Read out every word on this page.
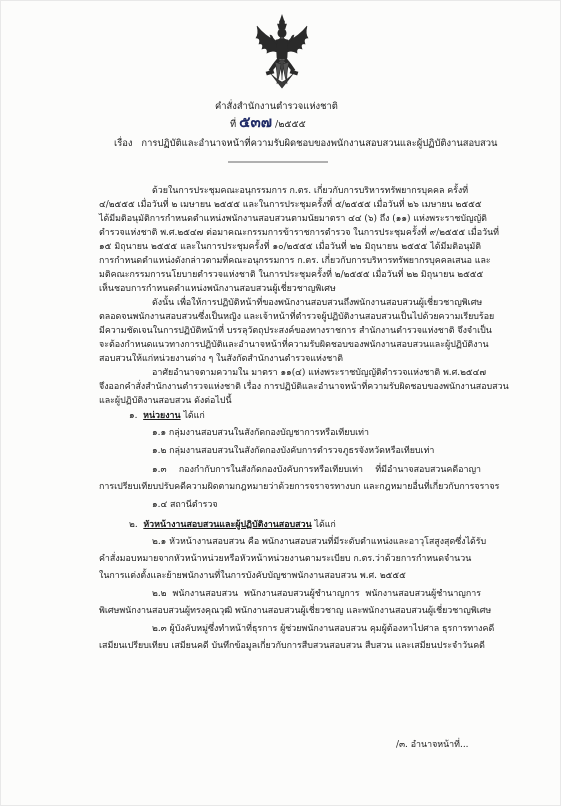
คำสั่งสำนักงานตำรวจแห่งชาติ
ที่ ๕๓๗ /๒๕๕๕
เรื่อง การปฏิบัติและอำนาจหน้าที่ความรับผิดชอบของพนักงานสอบสวนและผู้ปฏิบัติงานสอบสวน
ด้วยในการประชุมคณะอนุกรรมการ ก.ตร. เกี่ยวกับการบริหารทรัพยากรบุคคล ครั้งที่
๔/๒๕๕๕ เมื่อวันที่ ๒ เมษายน ๒๕๕๕ และในการประชุมครั้งที่ ๕/๒๕๕๕ เมื่อวันที่ ๒๖ เมษายน ๒๕๕๕
ได้มีมติอนุมัติการกำหนดตำแหน่งพนักงานสอบสวนตามนัยมาตรา ๔๔ (๖) ถึง (๑๑) แห่งพระราชบัญญัติ
ตำรวจแห่งชาติ พ.ศ.๒๕๔๗ ต่อมาคณะกรรมการข้าราชการตำรวจ ในการประชุมครั้งที่ ๙/๒๕๕๕ เมื่อวันที่
๑๕ มิถุนายน ๒๕๕๕ และในการประชุมครั้งที่ ๑๐/๒๕๕๕ เมื่อวันที่ ๒๒ มิถุนายน ๒๕๕๕ ได้มีมติอนุมัติ
การกำหนดตำแหน่งดังกล่าวตามที่คณะอนุกรรมการ ก.ตร. เกี่ยวกับการบริหารทรัพยากรบุคคลเสนอ และ
มติคณะกรรมการนโยบายตำรวจแห่งชาติ ในการประชุมครั้งที่ ๒/๒๕๕๕ เมื่อวันที่ ๒๒ มิถุนายน ๒๕๕๕
เห็นชอบการกำหนดตำแหน่งพนักงานสอบสวนผู้เชี่ยวชาญพิเศษ
ดังนั้น เพื่อให้การปฏิบัติหน้าที่ของพนักงานสอบสวนถึงพนักงานสอบสวนผู้เชี่ยวชาญพิเศษ
ตลอดจนพนักงานสอบสวนซึ่งเป็นหญิง และเจ้าหน้าที่ตำรวจผู้ปฏิบัติงานสอบสวนเป็นไปด้วยความเรียบร้อย
มีความชัดเจนในการปฏิบัติหน้าที่ บรรลุวัตถุประสงค์ของทางราชการ สำนักงานตำรวจแห่งชาติ จึงจำเป็น
จะต้องกำหนดแนวทางการปฏิบัติและอำนาจหน้าที่ความรับผิดชอบของพนักงานสอบสวนและผู้ปฏิบัติงาน
สอบสวนให้แก่หน่วยงานต่าง ๆ ในสังกัดสำนักงานตำรวจแห่งชาติ
อาศัยอำนาจตามความใน มาตรา ๑๑(๔) แห่งพระราชบัญญัติตำรวจแห่งชาติ พ.ศ.๒๕๔๗
จึงออกคำสั่งสำนักงานตำรวจแห่งชาติ เรื่อง การปฏิบัติและอำนาจหน้าที่ความรับผิดชอบของพนักงานสอบสวน
และผู้ปฏิบัติงานสอบสวน ดังต่อไปนี้
๑. หน่วยงาน ได้แก่
๑.๑ กลุ่มงานสอบสวนในสังกัดกองบัญชาการหรือเทียบเท่า
๑.๒ กลุ่มงานสอบสวนในสังกัดกองบังคับการตำรวจภูธรจังหวัดหรือเทียบเท่า
๑.๓ กองกำกับการในสังกัดกองบังคับการหรือเทียบเท่า ที่มีอำนาจสอบสวนคดีอาญา
การเปรียบเทียบปรับคดีความผิดตามกฎหมายว่าด้วยการจราจรทางบก และกฎหมายอื่นที่เกี่ยวกับการจราจร
๑.๔ สถานีตำรวจ
๒. หัวหน้างานสอบสวนและผู้ปฏิบัติงานสอบสวน ได้แก่
๒.๑ หัวหน้างานสอบสวน คือ พนักงานสอบสวนที่มีระดับตำแหน่งและอาวุโสสูงสุดซึ่งได้รับ
คำสั่งมอบหมายจากหัวหน้าหน่วยหรือหัวหน้าหน่วยงานตามระเบียบ ก.ตร.ว่าด้วยการกำหนดจำนวน
ในการแต่งตั้งและย้ายพนักงานที่ในการบังคับบัญชาพนักงานสอบสวน พ.ศ. ๒๕๕๕
๒.๒ พนักงานสอบสวน พนักงานสอบสวนผู้ชำนาญการ พนักงานสอบสวนผู้ชำนาญการ
พิเศษพนักงานสอบสวนผู้ทรงคุณวุฒิ พนักงานสอบสวนผู้เชี่ยวชาญ และพนักงานสอบสวนผู้เชี่ยวชาญพิเศษ
๒.๓ ผู้บังคับหมู่ซึ่งทำหน้าที่ธุรการ ผู้ช่วยพนักงานสอบสวน คุมผู้ต้องหาไปศาล ธุรการทางคดี
เสมียนเปรียบเทียบ เสมียนคดี บันทึกข้อมูลเกี่ยวกับการสืบสวนสอบสวน สืบสวน และเสมียนประจำวันคดี
/๓. อำนาจหน้าที่...
